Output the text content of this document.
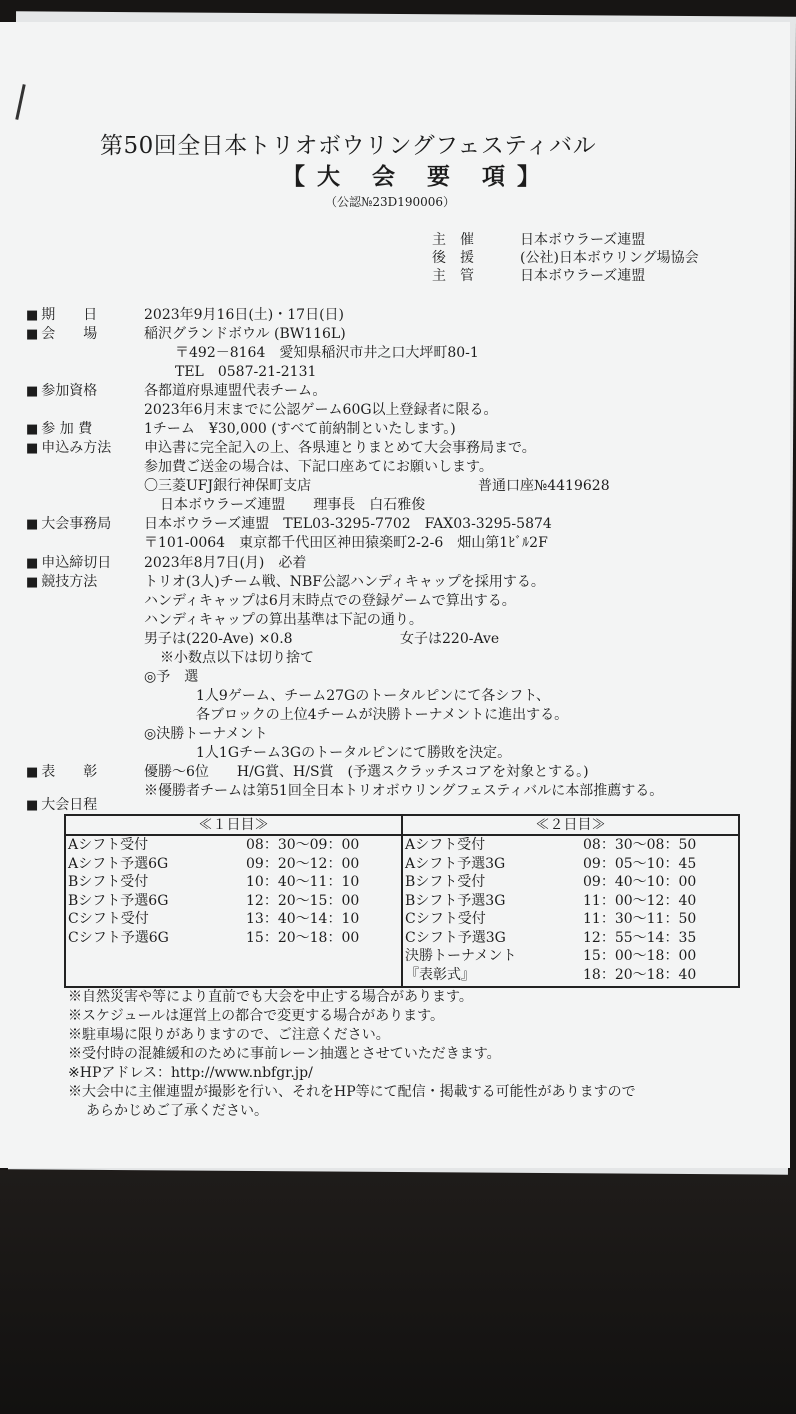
第50回全日本トリオボウリングフェスティバル
【大 会 要 項】
（公認№23D190006）
主　催	日本ボウラーズ連盟
後　援	(公社)日本ボウリング場協会
主　管	日本ボウラーズ連盟
■ 期　　日	2023年9月16日(土)・17日(日)
■ 会　　場	稲沢グランドボウル (BW116L)
〒492－8164　愛知県稲沢市井之口大坪町80-1
TEL　0587-21-2131
■ 参加資格	各都道府県連盟代表チーム。
2023年6月末までに公認ゲーム60G以上登録者に限る。
■ 参 加 費	1チーム　¥30,000 (すべて前納制といたします。)
■ 申込み方法 申込書に完全記入の上、各県連とりまとめて大会事務局まで。
参加費ご送金の場合は、下記口座あてにお願いします。
〇三菱UFJ銀行神保町支店	普通口座№4419628
日本ボウラーズ連盟　　理事長　白石雅俊
■ 大会事務局 日本ボウラーズ連盟　TEL03-3295-7702　FAX03-3295-5874
〒101-0064　東京都千代田区神田猿楽町2-2-6　畑山第1ﾋﾞﾙ2F
■ 申込締切日 2023年8月7日(月)　必着
■ 競技方法	トリオ(3人)チーム戦、NBF公認ハンディキャップを採用する。
ハンディキャップは6月末時点での登録ゲームで算出する。
ハンディキャップの算出基準は下記の通り。
男子は(220-Ave) ×0.8	女子は220-Ave
※小数点以下は切り捨て
◎予　選
1人9ゲーム、チーム27Gのトータルピンにて各シフト、
各ブロックの上位4チームが決勝トーナメントに進出する。
◎決勝トーナメント
1人1Gチーム3Gのトータルピンにて勝敗を決定。
■ 表　　彰	優勝～6位　　H/G賞、H/S賞　(予選スクラッチスコアを対象とする。)
※優勝者チームは第51回全日本トリオボウリングフェスティバルに本部推薦する。
■ 大会日程
≪１日目≫
Aシフト受付	08：30～09：00
Aシフト予選6G	09：20～12：00
Bシフト受付	10：40～11：10
Bシフト予選6G	12：20～15：00
Cシフト受付	13：40～14：10
Cシフト予選6G	15：20～18：00
≪２日目≫
Aシフト受付	08：30～08：50
Aシフト予選3G	09：05～10：45
Bシフト受付	09：40～10：00
Bシフト予選3G	11：00～12：40
Cシフト受付	11：30～11：50
Cシフト予選3G	12：55～14：35
決勝トーナメント	15：00～18：00
『表彰式』	18：20～18：40
※自然災害や等により直前でも大会を中止する場合があります。
※スケジュールは運営上の都合で変更する場合があります。
※駐車場に限りがありますので、ご注意ください。
※受付時の混雑緩和のために事前レーン抽選とさせていただきます。
※HPアドレス：http://www.nbfgr.jp/
※大会中に主催連盟が撮影を行い、それをHP等にて配信・掲載する可能性がありますので
あらかじめご了承ください。
